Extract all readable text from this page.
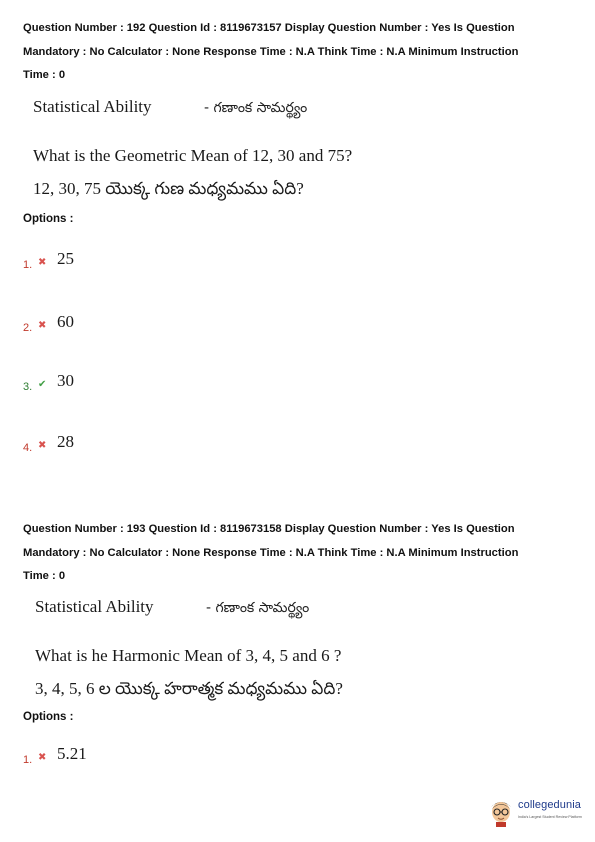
Question Number : 192 Question Id : 8119673157 Display Question Number : Yes Is Question
Mandatory : No Calculator : None Response Time : N.A Think Time : N.A Minimum Instruction
Time : 0
Statistical Ability	- గణాంక సామర్థ్యం
What is the Geometric Mean of 12, 30 and 75?
12, 30, 75 యొక్క గుణ మధ్యమము ఏది?
Options :
1. ✖ 25
2. ✖ 60
3. ✔ 30
4. ✖ 28
Question Number : 193 Question Id : 8119673158 Display Question Number : Yes Is Question
Mandatory : No Calculator : None Response Time : N.A Think Time : N.A Minimum Instruction
Time : 0
Statistical Ability	- గణాంక సామర్థ్యం
What is he Harmonic Mean of 3, 4, 5 and 6 ?
3, 4, 5, 6 ల యొక్క హరాత్మక మధ్యమము ఏది?
Options :
1. ✖ 5.21
collegedunia
India's Largest Student Review Platform
